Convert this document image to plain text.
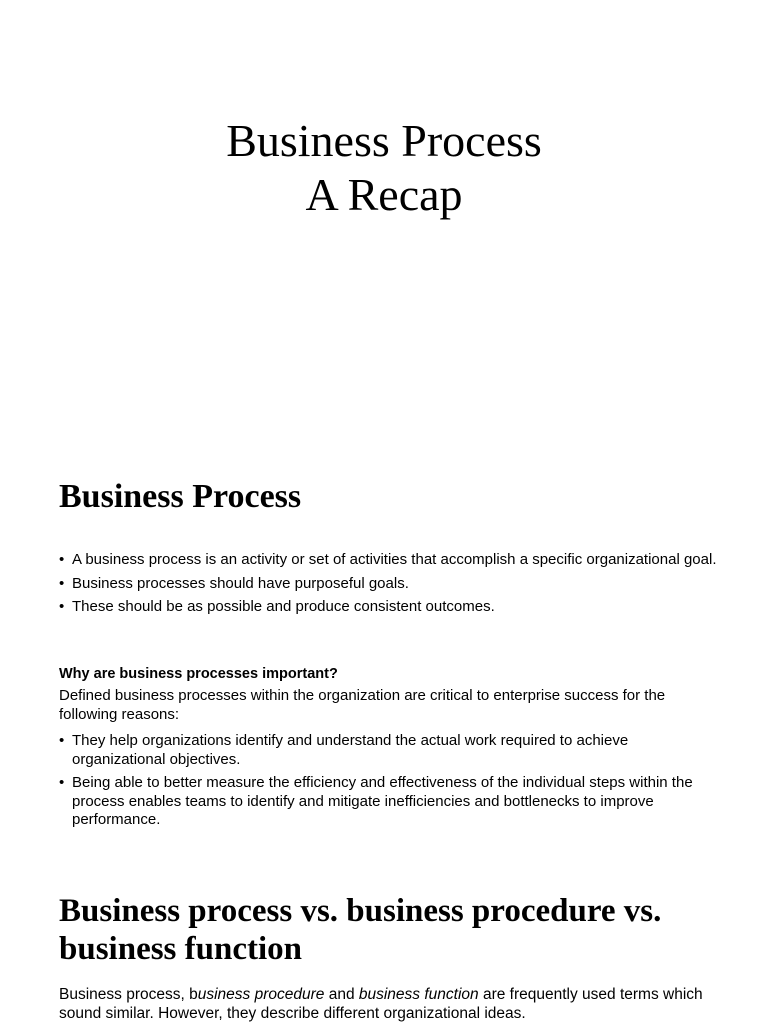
Business Process
A Recap
Business Process
• A business process is an activity or set of activities that accomplish a specific organizational goal.
• Business processes should have purposeful goals.
• These should be as possible and produce consistent outcomes.
Why are business processes important?
Defined business processes within the organization are critical to enterprise success for the following reasons:
• They help organizations identify and understand the actual work required to achieve organizational objectives.
• Being able to better measure the efficiency and effectiveness of the individual steps within the process enables teams to identify and mitigate inefficiencies and bottlenecks to improve performance.
Business process vs. business procedure vs. business function
Business process, business procedure and business function are frequently used terms which sound similar. However, they describe different organizational ideas.
